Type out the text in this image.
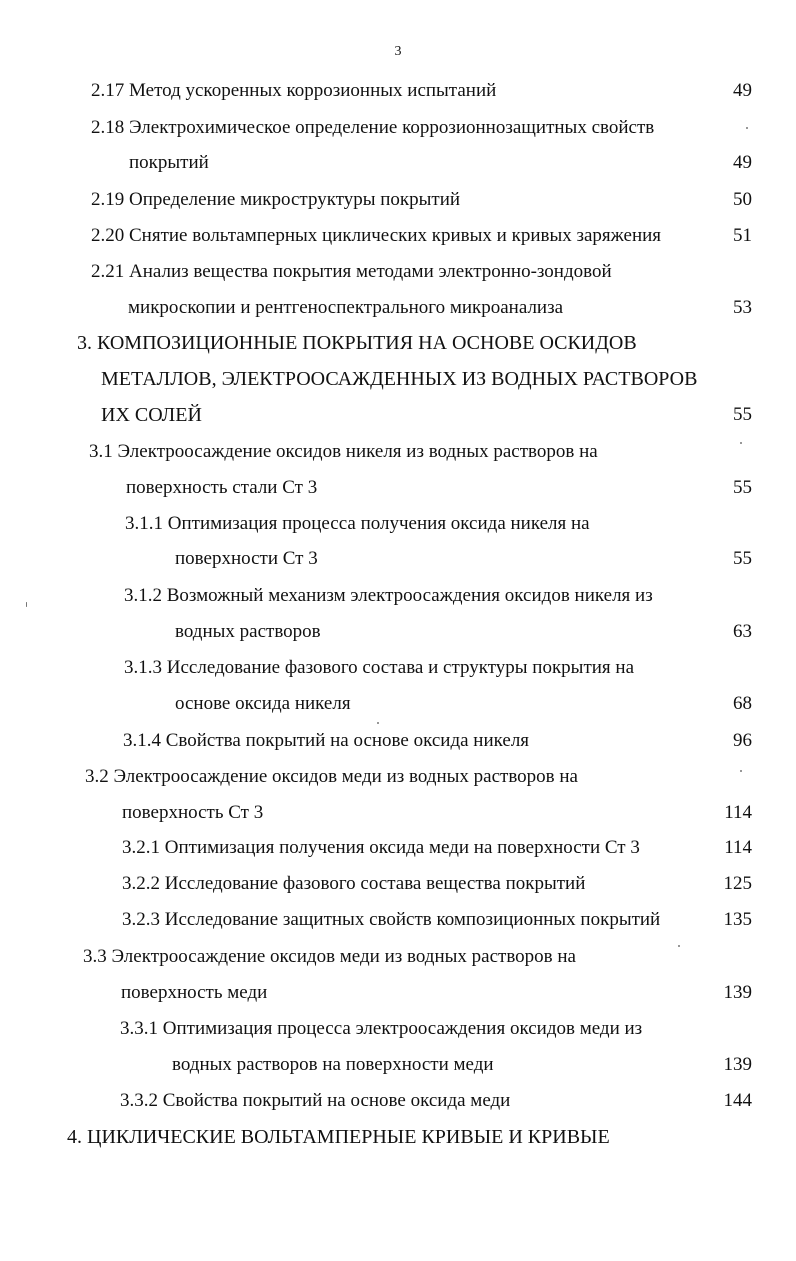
3
2.17 Метод ускоренных коррозионных испытаний	49
2.18 Электрохимическое определение коррозионнозащитных свойств
покрытий	49
2.19 Определение микроструктуры покрытий	50
2.20 Снятие вольтамперных циклических кривых и кривых заряжения	51
2.21 Анализ вещества покрытия методами электронно-зондовой
микроскопии и рентгеноспектрального микроанализа	53
3. КОМПОЗИЦИОННЫЕ ПОКРЫТИЯ НА ОСНОВЕ ОСКИДОВ
МЕТАЛЛОВ, ЭЛЕКТРООСАЖДЕННЫХ ИЗ ВОДНЫХ РАСТВОРОВ
ИХ СОЛЕЙ	55
3.1 Электроосаждение оксидов никеля из водных растворов на
поверхность стали Ст 3	55
3.1.1 Оптимизация процесса получения оксида никеля на
поверхности Ст 3	55
3.1.2 Возможный механизм электроосаждения оксидов никеля из
водных растворов	63
3.1.3 Исследование фазового состава и структуры покрытия на
основе оксида никеля	68
3.1.4 Свойства покрытий на основе оксида никеля	96
3.2 Электроосаждение оксидов меди из водных растворов на
поверхность Ст 3	114
3.2.1 Оптимизация получения оксида меди на поверхности Ст 3	114
3.2.2 Исследование фазового состава вещества покрытий	125
3.2.3 Исследование защитных свойств композиционных покрытий	135
3.3 Электроосаждение оксидов меди из водных растворов на
поверхность меди	139
3.3.1 Оптимизация процесса электроосаждения оксидов меди из
водных растворов на поверхности меди	139
3.3.2 Свойства покрытий на основе оксида меди	144
4. ЦИКЛИЧЕСКИЕ ВОЛЬТАМПЕРНЫЕ КРИВЫЕ И КРИВЫЕ
